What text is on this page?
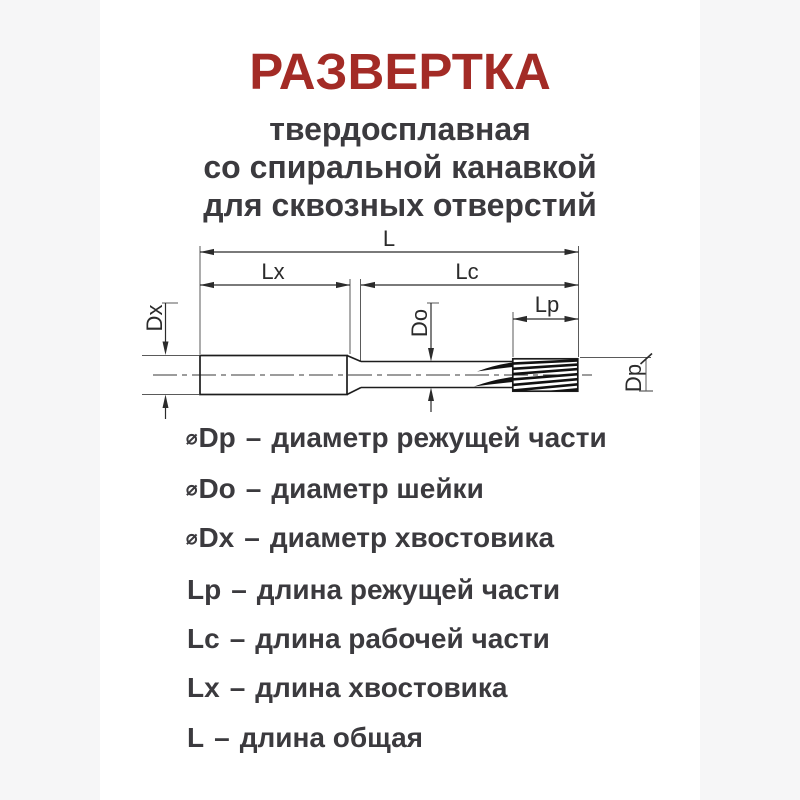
РАЗВЕРТКА
твердосплавная
со спиральной канавкой
для сквозных отверстий
L
Lx	Lc
Lp
Dx	Do
Dp
⌀Dp – диаметр режущей части
⌀Do – диаметр шейки
⌀Dx – диаметр хвостовика
Lp – длина режущей части
Lc – длина рабочей части
Lx – длина хвостовика
L – длина общая
